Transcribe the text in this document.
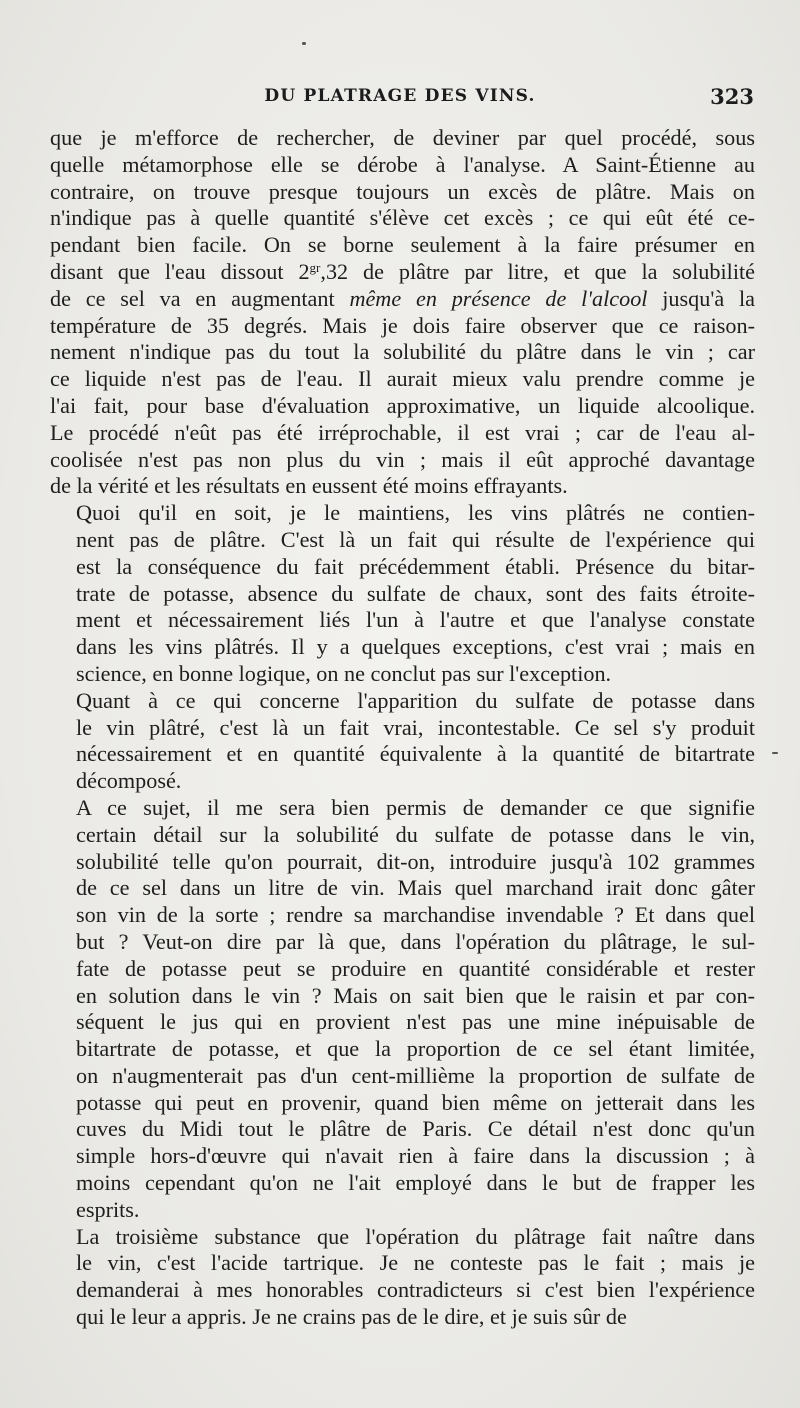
DU PLATRAGE DES VINS.	323

que je m'efforce de rechercher, de deviner par quel procédé, sous
quelle métamorphose elle se dérobe à l'analyse. A Saint-Étienne au
contraire, on trouve presque toujours un excès de plâtre. Mais on
n'indique pas à quelle quantité s'élève cet excès ; ce qui eût été ce-
pendant bien facile. On se borne seulement à la faire présumer en
disant que l'eau dissout $2^{gr},32$ de plâtre par litre, et que la solubilité
de ce sel va en augmentant même en présence de l'alcool jusqu'à la
température de 35 degrés. Mais je dois faire observer que ce raison-
nement n'indique pas du tout la solubilité du plâtre dans le vin ; car
ce liquide n'est pas de l'eau. Il aurait mieux valu prendre comme je
l'ai fait, pour base d'évaluation approximative, un liquide alcoolique.
Le procédé n'eût pas été irréprochable, il est vrai ; car de l'eau al-
coolisée n'est pas non plus du vin ; mais il eût approché davantage
de la vérité et les résultats en eussent été moins effrayants.

Quoi qu'il en soit, je le maintiens, les vins plâtrés ne contien-
nent pas de plâtre. C'est là un fait qui résulte de l'expérience qui
est la conséquence du fait précédemment établi. Présence du bitar-
trate de potasse, absence du sulfate de chaux, sont des faits étroite-
ment et nécessairement liés l'un à l'autre et que l'analyse constate
dans les vins plâtrés. Il y a quelques exceptions, c'est vrai ; mais en
science, en bonne logique, on ne conclut pas sur l'exception.

Quant à ce qui concerne l'apparition du sulfate de potasse dans
le vin plâtré, c'est là un fait vrai, incontestable. Ce sel s'y produit
nécessairement et en quantité équivalente à la quantité de bitartrate
décomposé.

A ce sujet, il me sera bien permis de demander ce que signifie
certain détail sur la solubilité du sulfate de potasse dans le vin,
solubilité telle qu'on pourrait, dit-on, introduire jusqu'à 102 grammes
de ce sel dans un litre de vin. Mais quel marchand irait donc gâter
son vin de la sorte ; rendre sa marchandise invendable ? Et dans quel
but ? Veut-on dire par là que, dans l'opération du plâtrage, le sul-
fate de potasse peut se produire en quantité considérable et rester
en solution dans le vin ? Mais on sait bien que le raisin et par con-
séquent le jus qui en provient n'est pas une mine inépuisable de
bitartrate de potasse, et que la proportion de ce sel étant limitée,
on n'augmenterait pas d'un cent-millième la proportion de sulfate de
potasse qui peut en provenir, quand bien même on jetterait dans les
cuves du Midi tout le plâtre de Paris. Ce détail n'est donc qu'un
simple hors-d'œuvre qui n'avait rien à faire dans la discussion ; à
moins cependant qu'on ne l'ait employé dans le but de frapper les
esprits.

La troisième substance que l'opération du plâtrage fait naître dans
le vin, c'est l'acide tartrique. Je ne conteste pas le fait ; mais je
demanderai à mes honorables contradicteurs si c'est bien l'expérience
qui le leur a appris. Je ne crains pas de le dire, et je suis sûr de
